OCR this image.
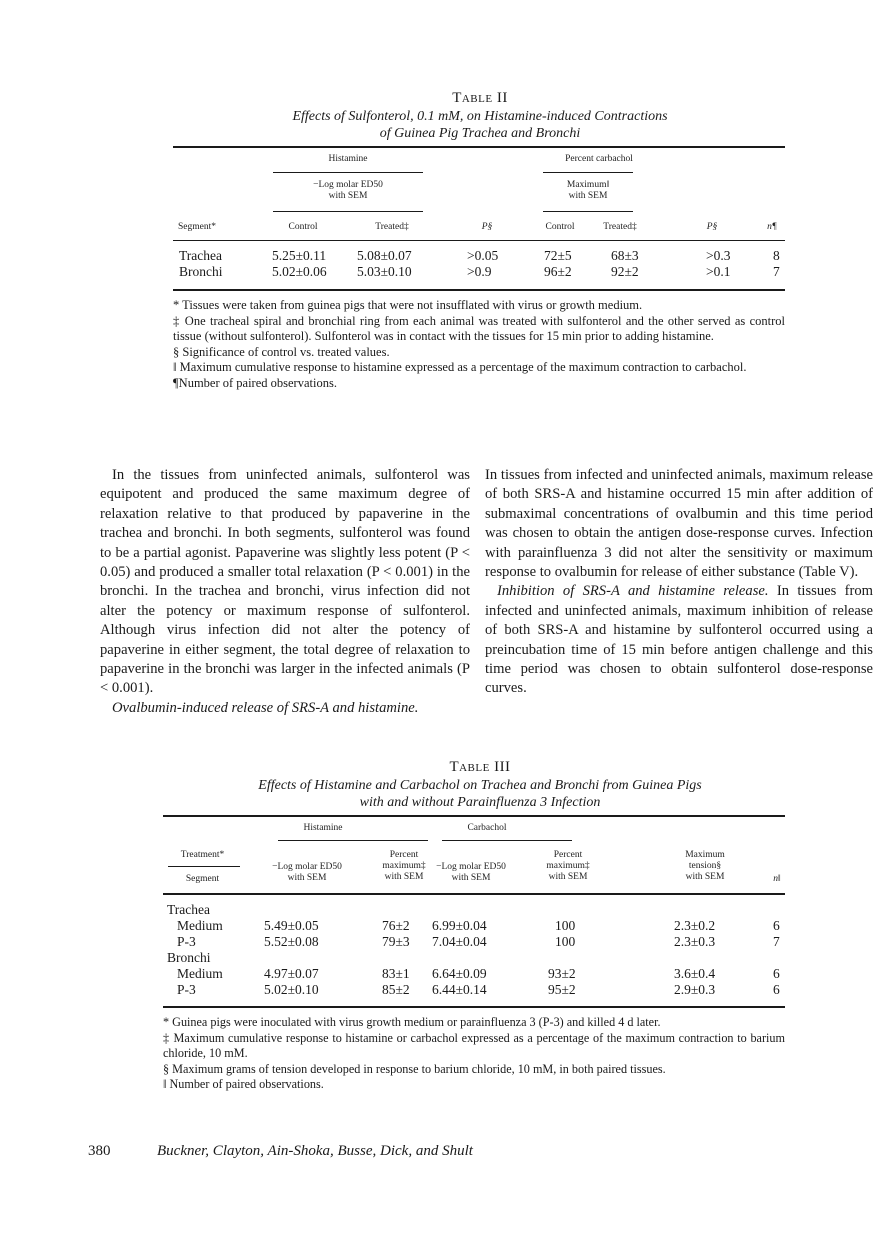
Table II
Effects of Sulfonterol, 0.1 mM, on Histamine-induced Contractions
of Guinea Pig Trachea and Bronchi
Histamine	Percent carbachol
−Log molar ED50
with SEM
Maximum‖
with SEM
Segment*	Control	Treated‡	P§	Control	Treated‡	P§	n¶
Trachea	5.25±0.11 5.08±0.07	>0.05	72±5	68±3	>0.3	8
Bronchi	5.02±0.06 5.03±0.10	>0.9	96±2	92±2	>0.1	7

* Tissues were taken from guinea pigs that were not insufflated with virus or growth medium.

‡ One tracheal spiral and bronchial ring from each animal was treated with sulfonterol and the other served as control tissue (without sulfonterol). Sulfonterol was in contact with the tissues for 15 min prior to adding histamine.

§ Significance of control vs. treated values.

‖ Maximum cumulative response to histamine expressed as a percentage of the maximum contraction to carbachol.

¶Number of paired observations.

In the tissues from uninfected animals, sulfonterol was equipotent and produced the same maximum degree of relaxation relative to that produced by papaverine in the trachea and bronchi. In both segments, sulfonterol was found to be a partial agonist. Papaverine was slightly less potent (P < 0.05) and produced a smaller total relaxation (P < 0.001) in the bronchi. In the trachea and bronchi, virus infection did not alter the potency or maximum response of sulfonterol. Although virus infection did not alter the potency of papaverine in either segment, the total degree of relaxation to papaverine in the bronchi was larger in the infected animals (P < 0.001).

Ovalbumin-induced release of SRS-A and histamine.

In tissues from infected and uninfected animals, maximum release of both SRS-A and histamine occurred 15 min after addition of submaximal concentrations of ovalbumin and this time period was chosen to obtain the antigen dose-response curves. Infection with parainfluenza 3 did not alter the sensitivity or maximum response to ovalbumin for release of either substance (Table V).

Inhibition of SRS-A and histamine release. In tissues from infected and uninfected animals, maximum inhibition of release of both SRS-A and histamine by sulfonterol occurred using a preincubation time of 15 min before antigen challenge and this time period was chosen to obtain sulfonterol dose-response curves.

Table III
Effects of Histamine and Carbachol on Trachea and Bronchi from Guinea Pigs
with and without Parainfluenza 3 Infection
Histamine	Carbachol
Treatment*
Segment
−Log molar ED50
with SEM
Percent
maximum‡
with SEM
−Log molar ED50
with SEM
Percent
maximum‡
with SEM
Maximum
tension§
with SEM	n‖
Trachea
Medium	5.49±0.05	76±2 6.99±0.04	100	2.3±0.2	6
P-3	5.52±0.08	79±3 7.04±0.04	100	2.3±0.3	7
Bronchi
Medium	4.97±0.07	83±1 6.64±0.09	93±2	3.6±0.4	6
P-3	5.02±0.10	85±2 6.44±0.14	95±2	2.9±0.3	6

* Guinea pigs were inoculated with virus growth medium or parainfluenza 3 (P-3) and killed 4 d later.

‡ Maximum cumulative response to histamine or carbachol expressed as a percentage of the maximum contraction to barium chloride, 10 mM.

§ Maximum grams of tension developed in response to barium chloride, 10 mM, in both paired tissues.

‖ Number of paired observations.

380	Buckner, Clayton, Ain-Shoka, Busse, Dick, and Shult
